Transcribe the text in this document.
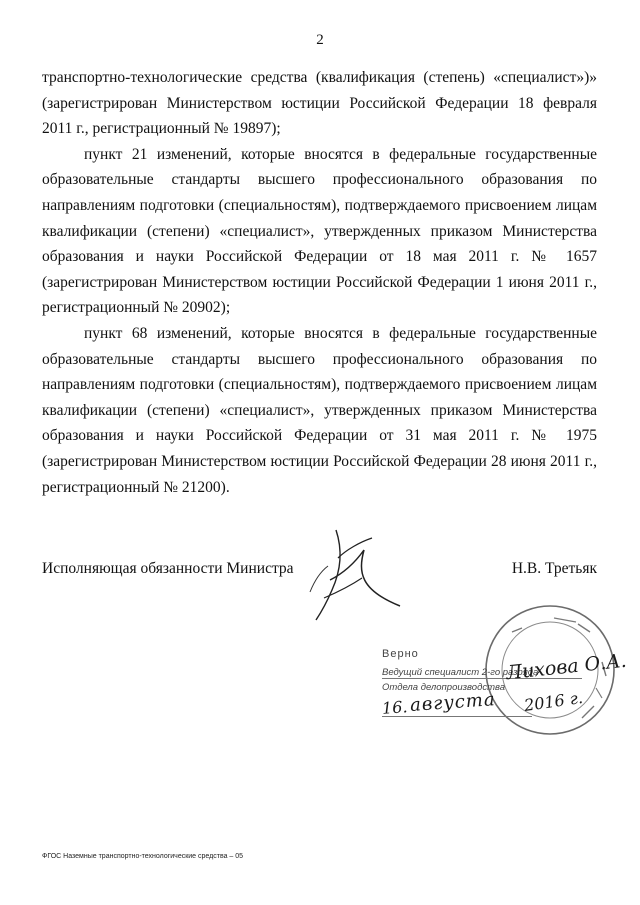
2

транспортно-технологические средства (квалификация (степень) «специалист»)» (зарегистрирован Министерством юстиции Российской Федерации 18 февраля 2011 г., регистрационный № 19897);

пункт 21 изменений, которые вносятся в федеральные государственные образовательные стандарты высшего профессионального образования по направлениям подготовки (специальностям), подтверждаемого присвоением лицам квалификации (степени) «специалист», утвержденных приказом Министерства образования и науки Российской Федерации от 18 мая 2011 г. № 1657 (зарегистрирован Министерством юстиции Российской Федерации 1 июня 2011 г., регистрационный № 20902);

пункт 68 изменений, которые вносятся в федеральные государственные образовательные стандарты высшего профессионального образования по направлениям подготовки (специальностям), подтверждаемого присвоением лицам квалификации (степени) «специалист», утвержденных приказом Министерства образования и науки Российской Федерации от 31 мая 2011 г. № 1975 (зарегистрирован Министерством юстиции Российской Федерации 28 июня 2011 г., регистрационный № 21200).

Исполняющая обязанности Министра	Н.В. Третьяк
Верно
Ведущий специалист 2-го разряда
Отдела делопроизводства
Лихова О.А.
16. августа 2016 г.
ФГОС Наземные транспортно-технологические средства – 05
